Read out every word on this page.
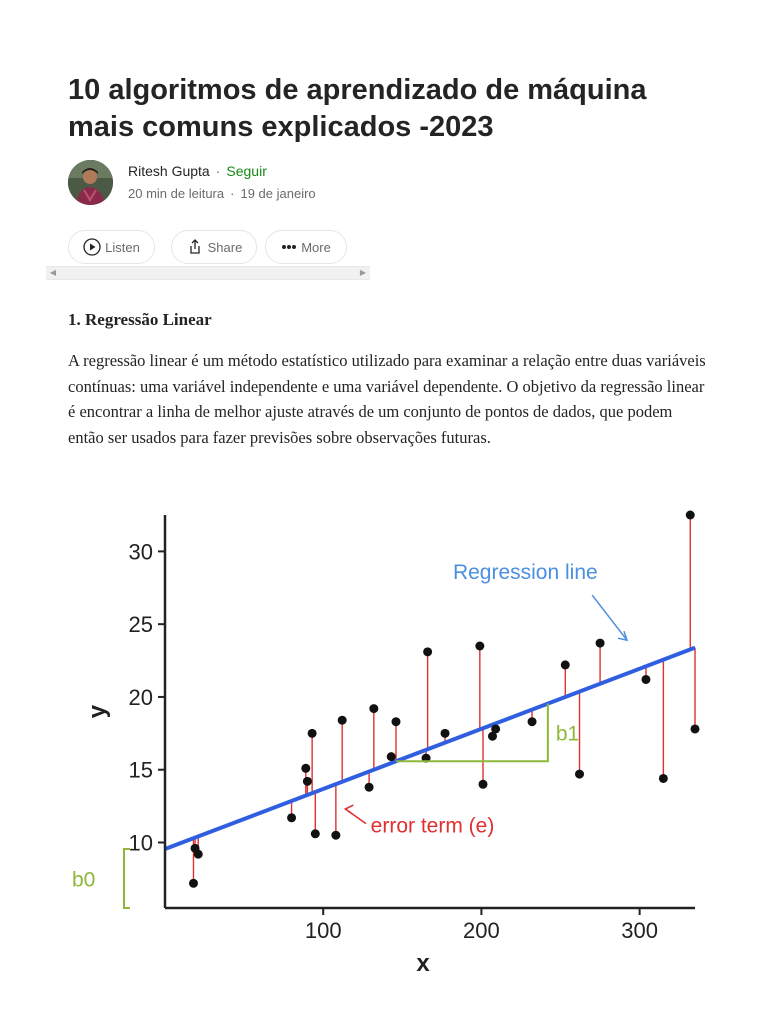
10 algoritmos de aprendizado de máquina mais comuns explicados -2023
Ritesh Gupta · Seguir
20 min de leitura · 19 de janeiro
Listen	Share	More
◀	▶
1. Regressão Linear

A regressão linear é um método estatístico utilizado para examinar a relação entre duas variáveis contínuas: uma variável independente e uma variável dependente. O objetivo da regressão linear é encontrar a linha de melhor ajuste através de um conjunto de pontos de dados, que podem então ser usados para fazer previsões sobre observações futuras.

10
15
20
25
30
100	200	300
x
y
Regression line
error term (e)
b1
b0
